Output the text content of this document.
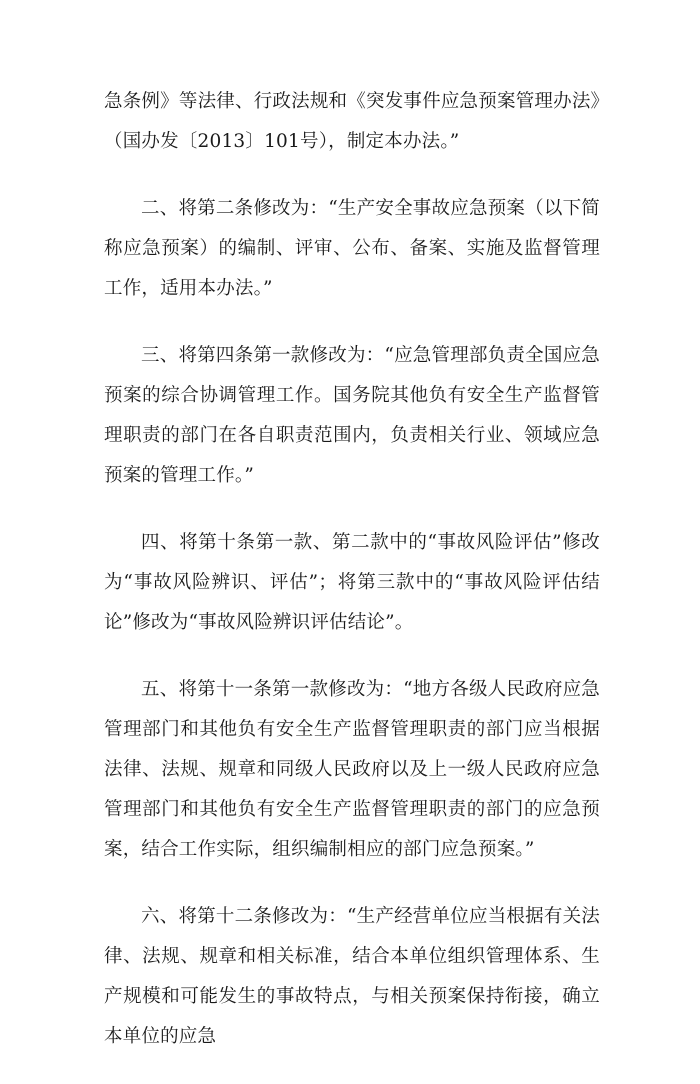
急条例》等法律、行政法规和《突发事件应急预案管理办法》（国办发〔2013〕101号），制定本办法。”

二、将第二条修改为：“生产安全事故应急预案（以下简称应急预案）的编制、评审、公布、备案、实施及监督管理工作，适用本办法。”

三、将第四条第一款修改为：“应急管理部负责全国应急预案的综合协调管理工作。国务院其他负有安全生产监督管理职责的部门在各自职责范围内，负责相关行业、领域应急预案的管理工作。”

四、将第十条第一款、第二款中的“事故风险评估”修改为“事故风险辨识、评估”；将第三款中的“事故风险评估结论”修改为“事故风险辨识评估结论”。

五、将第十一条第一款修改为：“地方各级人民政府应急管理部门和其他负有安全生产监督管理职责的部门应当根据法律、法规、规章和同级人民政府以及上一级人民政府应急管理部门和其他负有安全生产监督管理职责的部门的应急预案，结合工作实际，组织编制相应的部门应急预案。”

六、将第十二条修改为：“生产经营单位应当根据有关法律、法规、规章和相关标准，结合本单位组织管理体系、生产规模和可能发生的事故特点，与相关预案保持衔接，确立本单位的应急
